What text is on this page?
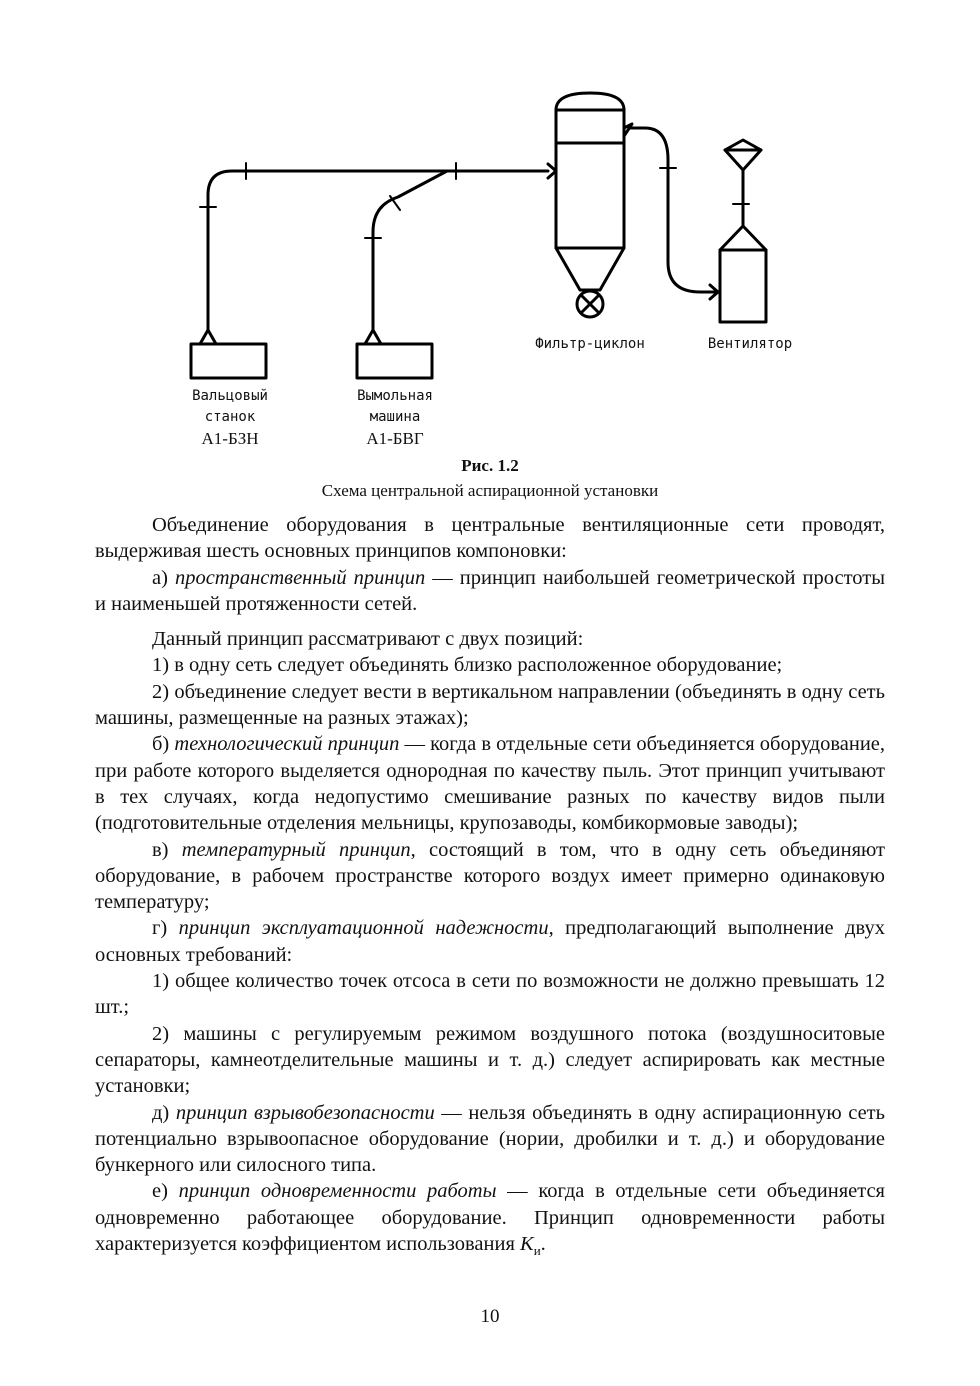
Фильтр-циклон	Вентилятор
Вальцовый
станок
А1-БЗН
Вымольная
машина
А1-БВГ
Рис. 1.2
Схема центральной аспирационной установки

Объединение оборудования в центральные вентиляционные сети проводят, выдерживая шесть основных принципов компоновки:

а) пространственный принцип — принцип наибольшей геометрической простоты и наименьшей протяженности сетей.

Данный принцип рассматривают с двух позиций:

1) в одну сеть следует объединять близко расположенное оборудование;

2) объединение следует вести в вертикальном направлении (объединять в одну сеть машины, размещенные на разных этажах);

б) технологический принцип — когда в отдельные сети объединяется оборудование, при работе которого выделяется однородная по качеству пыль. Этот принцип учитывают в тех случаях, когда недопустимо смешивание разных по качеству видов пыли (подготовительные отделения мельницы, крупозаводы, комбикормовые заводы);

в) температурный принцип, состоящий в том, что в одну сеть объединяют оборудование, в рабочем пространстве которого воздух имеет примерно одинаковую температуру;

г) принцип эксплуатационной надежности, предполагающий выполнение двух основных требований:

1) общее количество точек отсоса в сети по возможности не должно превышать 12 шт.;

2) машины с регулируемым режимом воздушного потока (воздушноситовые сепараторы, камнеотделительные машины и т. д.) следует аспирировать как местные установки;

д) принцип взрывобезопасности — нельзя объединять в одну аспирационную сеть потенциально взрывоопасное оборудование (нории, дробилки и т. д.) и оборудование бункерного или силосного типа.

е) принцип одновременности работы — когда в отдельные сети объединяется одновременно работающее оборудование. Принцип одновременности работы характеризуется коэффициентом использования $K_и$.

10
